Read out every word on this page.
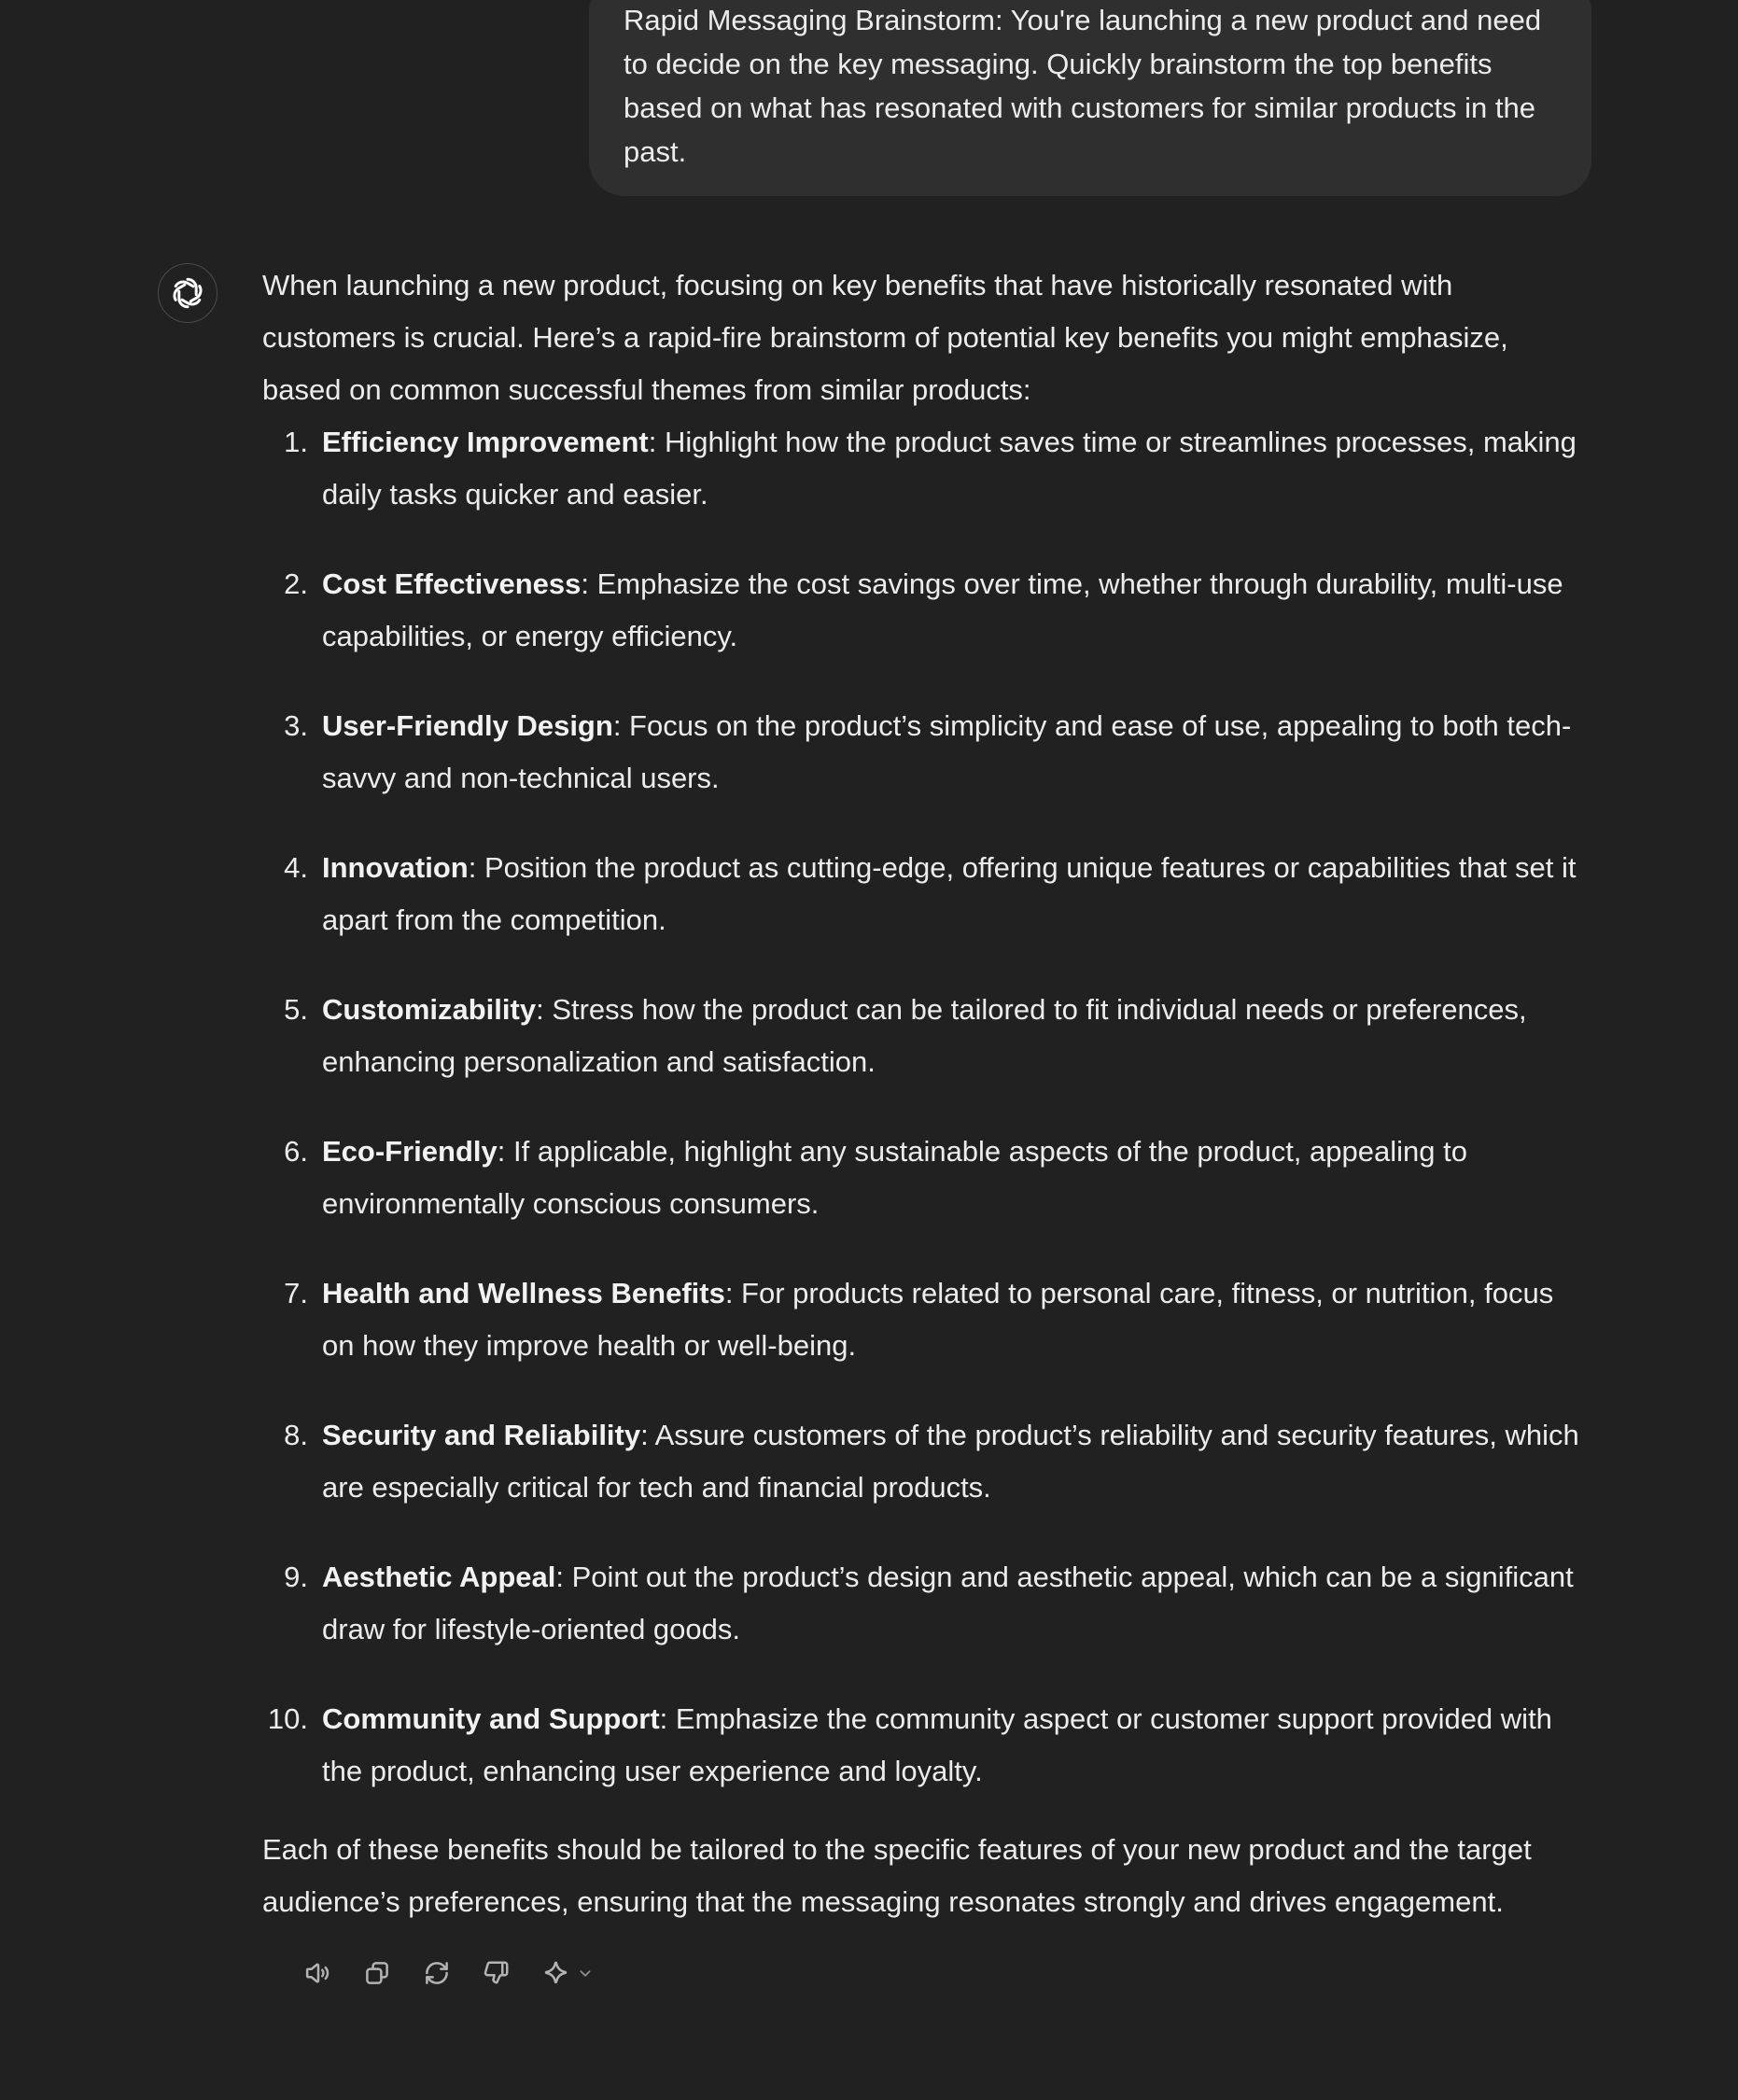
Rapid Messaging Brainstorm: You're launching a new product and need to decide on the key messaging. Quickly brainstorm the top benefits based on what has resonated with customers for similar products in the past.

When launching a new product, focusing on key benefits that have historically resonated with customers is crucial. Here’s a rapid-fire brainstorm of potential key benefits you might emphasize, based on common successful themes from similar products:

1. Efficiency Improvement: Highlight how the product saves time or streamlines processes, making daily tasks quicker and easier.
2. Cost Effectiveness: Emphasize the cost savings over time, whether through durability, multi-use capabilities, or energy efficiency.
3. User-Friendly Design: Focus on the product’s simplicity and ease of use, appealing to both tech-savvy and non-technical users.
4. Innovation: Position the product as cutting-edge, offering unique features or capabilities that set it apart from the competition.
5. Customizability: Stress how the product can be tailored to fit individual needs or preferences, enhancing personalization and satisfaction.
6. Eco-Friendly: If applicable, highlight any sustainable aspects of the product, appealing to environmentally conscious consumers.
7. Health and Wellness Benefits: For products related to personal care, fitness, or nutrition, focus on how they improve health or well-being.
8. Security and Reliability: Assure customers of the product’s reliability and security features, which are especially critical for tech and financial products.
9. Aesthetic Appeal: Point out the product’s design and aesthetic appeal, which can be a significant draw for lifestyle-oriented goods.
10. Community and Support: Emphasize the community aspect or customer support provided with the product, enhancing user experience and loyalty.

Each of these benefits should be tailored to the specific features of your new product and the target audience’s preferences, ensuring that the messaging resonates strongly and drives engagement.
